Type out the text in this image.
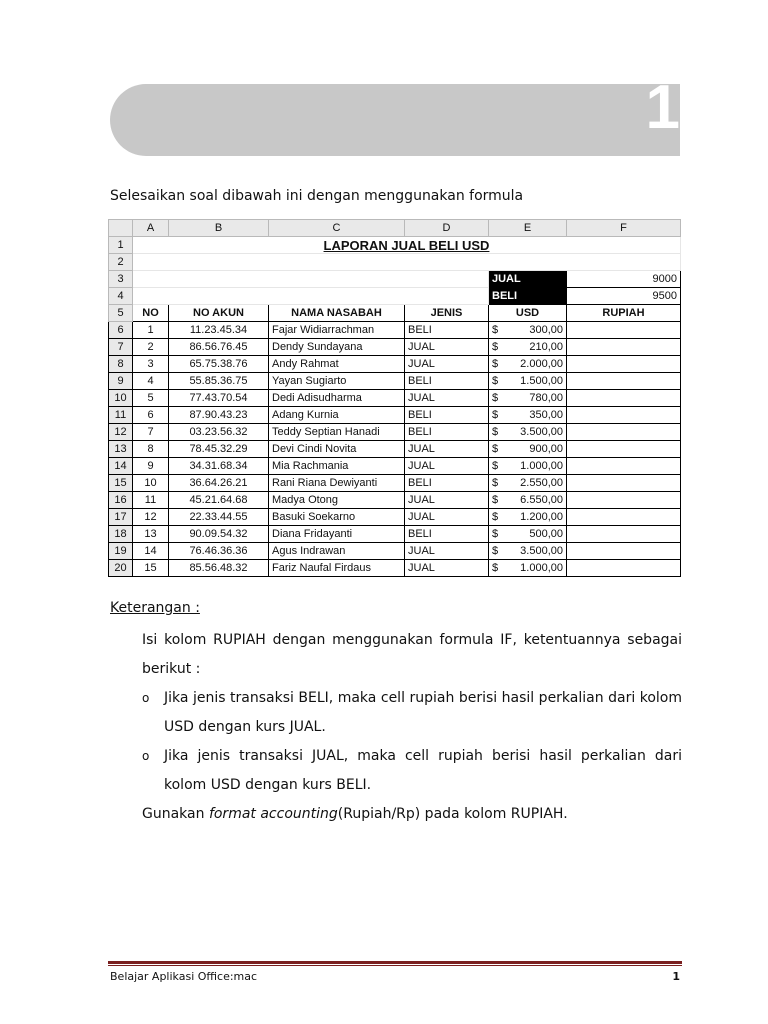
1
Selesaikan soal dibawah ini dengan menggunakan formula
	A	B	C	D	E	F
1	LAPORAN JUAL BELI USD					
2						
3					JUAL	9000
4					BELI	9500
5	NO	NO AKUN	NAMA NASABAH	JENIS	USD	RUPIAH
6	1	11.23.45.34	Fajar Widiarrachman	BELI	$ 300,00	

7	2	86.56.76.45	Dendy Sundayana	JUAL	$ 210,00	

8	3	65.75.38.76	Andy Rahmat	JUAL	$ 2.000,00	

9	4	55.85.36.75	Yayan Sugiarto	BELI	$ 1.500,00	

10	5	77.43.70.54	Dedi Adisudharma	JUAL	$ 780,00	

11	6	87.90.43.23	Adang Kurnia	BELI	$ 350,00	

12	7	03.23.56.32	Teddy Septian Hanadi	BELI	$ 3.500,00	

13	8	78.45.32.29	Devi Cindi Novita	JUAL	$ 900,00	

14	9	34.31.68.34	Mia Rachmania	JUAL	$ 1.000,00	

15	10	36.64.26.21	Rani Riana Dewiyanti	BELI	$ 2.550,00	

16	11	45.21.64.68	Madya Otong	JUAL	$ 6.550,00	

17	12	22.33.44.55	Basuki Soekarno	JUAL	$ 1.200,00	

18	13	90.09.54.32	Diana Fridayanti	BELI	$ 500,00	

19	14	76.46.36.36	Agus Indrawan	JUAL	$ 3.500,00	

20	15	85.56.48.32	Fariz Naufal Firdaus	JUAL	$ 1.000,00	

Keterangan :
Isi kolom RUPIAH dengan menggunakan formula IF, ketentuannya sebagai berikut :
o Jika jenis transaksi BELI, maka cell rupiah berisi hasil perkalian dari kolom USD dengan kurs JUAL.
o Jika jenis transaksi JUAL, maka cell rupiah berisi hasil perkalian dari kolom USD dengan kurs BELI.
Gunakan format accounting(Rupiah/Rp) pada kolom RUPIAH.
Belajar Aplikasi Office:mac	1
